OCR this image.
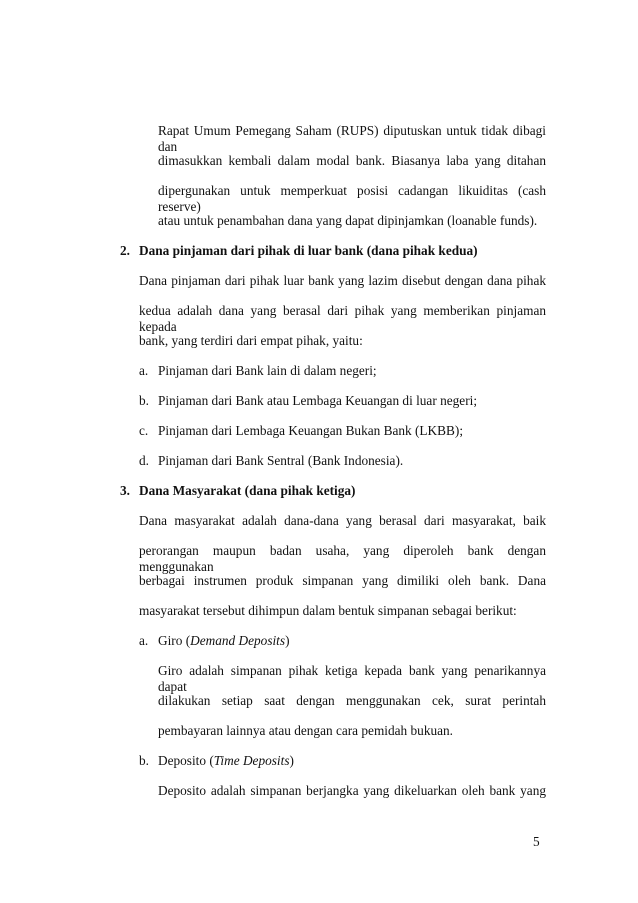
Rapat Umum Pemegang Saham (RUPS) diputuskan untuk tidak dibagi dan
dimasukkan kembali dalam modal bank. Biasanya laba yang ditahan
dipergunakan untuk memperkuat posisi cadangan likuiditas (cash reserve)
atau untuk penambahan dana yang dapat dipinjamkan (loanable funds).
2. Dana pinjaman dari pihak di luar bank (dana pihak kedua)
Dana pinjaman dari pihak luar bank yang lazim disebut dengan dana pihak
kedua adalah dana yang berasal dari pihak yang memberikan pinjaman kepada
bank, yang terdiri dari empat pihak, yaitu:
a. Pinjaman dari Bank lain di dalam negeri;
b. Pinjaman dari Bank atau Lembaga Keuangan di luar negeri;
c. Pinjaman dari Lembaga Keuangan Bukan Bank (LKBB);
d. Pinjaman dari Bank Sentral (Bank Indonesia).
3. Dana Masyarakat (dana pihak ketiga)
Dana masyarakat adalah dana-dana yang berasal dari masyarakat, baik
perorangan maupun badan usaha, yang diperoleh bank dengan menggunakan
berbagai instrumen produk simpanan yang dimiliki oleh bank. Dana
masyarakat tersebut dihimpun dalam bentuk simpanan sebagai berikut:
a. Giro (Demand Deposits)
Giro adalah simpanan pihak ketiga kepada bank yang penarikannya dapat
dilakukan setiap saat dengan menggunakan cek, surat perintah
pembayaran lainnya atau dengan cara pemidah bukuan.
b. Deposito (Time Deposits)
Deposito adalah simpanan berjangka yang dikeluarkan oleh bank yang
5
